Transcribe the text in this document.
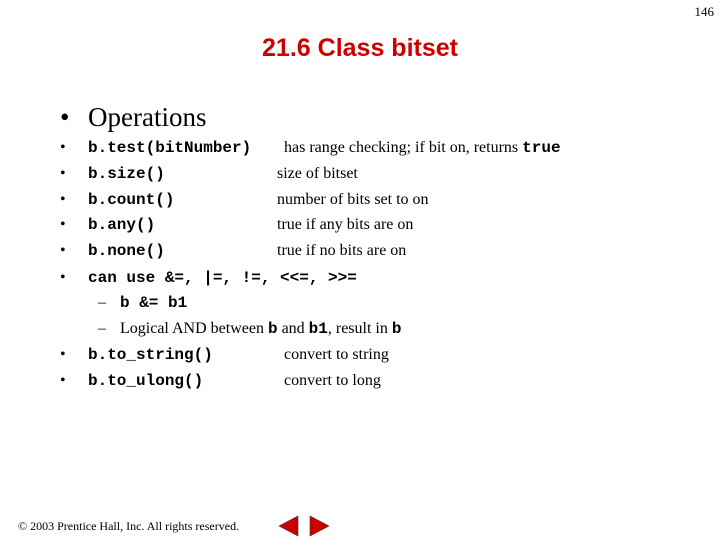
146
21.6 Class bitset
• Operations
•	b.test(bitNumber) has range checking; if bit on, returns true
•	b.size()	size of bitset
•	b.count()	number of bits set to on
•	b.any()	true if any bits are on
•	b.none()	true if no bits are on
•	can use &=, |=, !=, <<=, >>=
– b &= b1
– Logical AND between b and b1, result in b
•	b.to_string()	convert to string
•	b.to_ulong()	convert to long
© 2003 Prentice Hall, Inc. All rights reserved.
